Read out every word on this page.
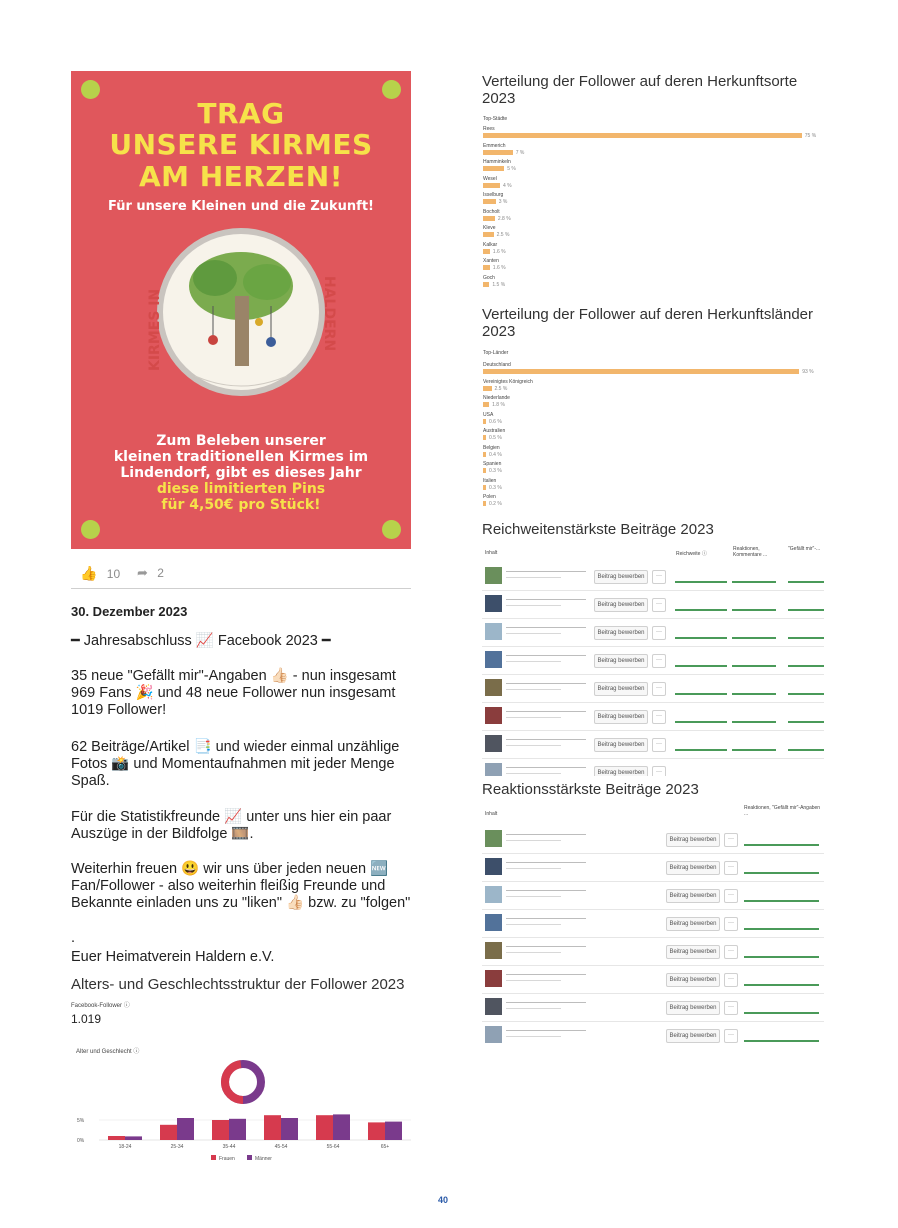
TRAG
UNSERE KIRMES
AM HERZEN!
Für unsere Kleinen und die Zukunft!
KIRMES IN	HALDERN
Zum Beleben unserer
kleinen traditionellen Kirmes im
Lindendorf, gibt es dieses Jahr
diese limitierten Pins
für 4,50€ pro Stück!
👍 10 ➦ 2
30. Dezember 2023
━ Jahresabschluss 📈 Facebook 2023 ━
35 neue "Gefällt mir"-Angaben 👍🏻 - nun insgesamt 969 Fans 🎉 und 48 neue Follower nun insgesamt 1019 Follower!
62 Beiträge/Artikel 📑 und wieder einmal unzählige Fotos 📸 und Momentaufnahmen mit jeder Menge Spaß.
Für die Statistikfreunde 📈 unter uns hier ein paar Auszüge in der Bildfolge 🎞️.
Weiterhin freuen 😃 wir uns über jeden neuen 🆕 Fan/Follower - also weiterhin fleißig Freunde und Bekannte einladen uns zu "liken" 👍🏻 bzw. zu "folgen"
.
Euer Heimatverein Haldern e.V.
Alters- und Geschlechtsstruktur der Follower 2023
Facebook-Follower ⓘ
1.019
Alter und Geschlecht ⓘ
0%
5%
18-24	25-34	35-44	45-54	55-64	65+
Frauen	Männer
Verteilung der Follower auf deren Herkunftsorte 2023
Top-Städte
Rees
75 %
Emmerich
7 %
Hamminkeln
5 %
Wesel
4 %
Isselburg
3 %
Bocholt
2.8 %
Kleve
2.5 %
Kalkar
1.6 %
Xanten
1.6 %
Goch
1.5 %
Verteilung der Follower auf deren Herkunftsländer 2023
Top-Länder
Deutschland
93 %
Vereinigtes Königreich
2.5 %
Niederlande
1.8 %
USA
0.6 %
Australien
0.5 %
Belgien
0.4 %
Spanien
0.3 %
Italien
0.3 %
Polen
0.2 %
Reichweitenstärkste Beiträge 2023
Inhalt	Reichweite ⓘ
Reaktionen, Kommentare ...
"Gefällt mir"-...
Beitrag bewerben	···
Beitrag bewerben	···
Beitrag bewerben	···
Beitrag bewerben	···
Beitrag bewerben	···
Beitrag bewerben	···
Beitrag bewerben	···
Beitrag bewerben	···
Reaktionsstärkste Beiträge 2023
Inhalt
Reaktionen, "Gefällt mir"-Angaben ...
Beitrag bewerben	···
Beitrag bewerben	···
Beitrag bewerben	···
Beitrag bewerben	···
Beitrag bewerben	···
Beitrag bewerben	···
Beitrag bewerben	···
Beitrag bewerben	···
40
